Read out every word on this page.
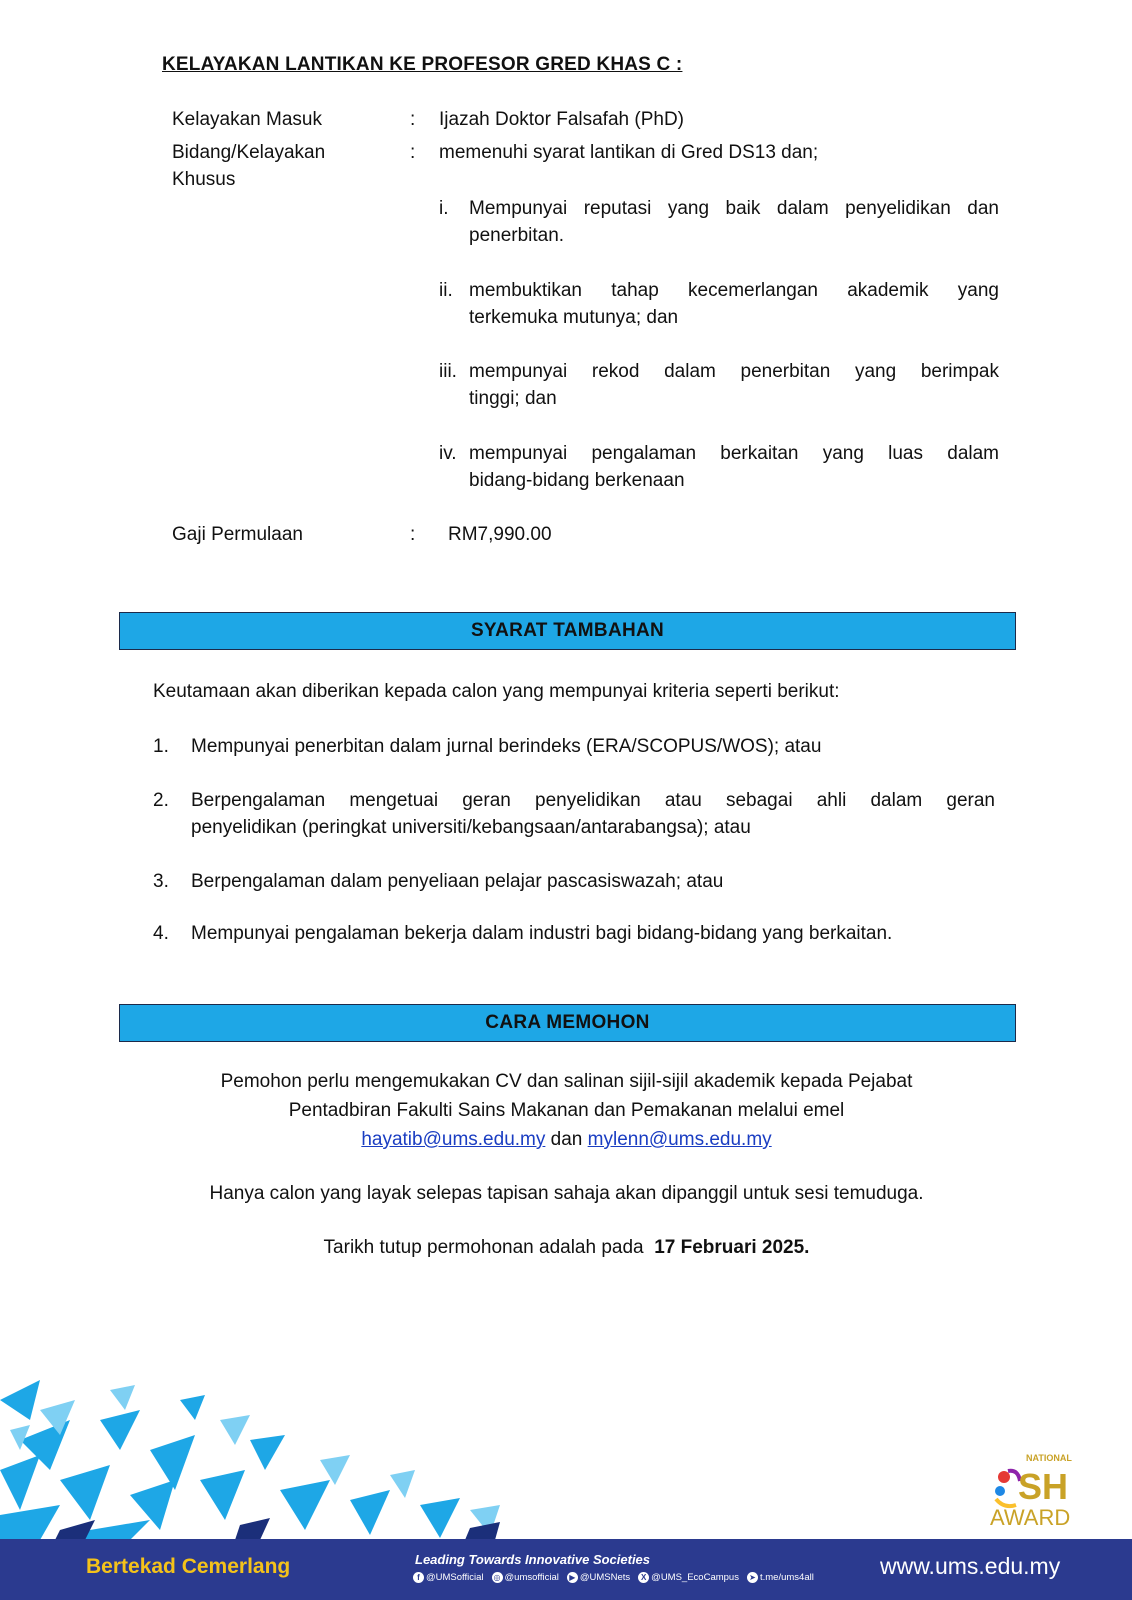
KELAYAKAN LANTIKAN KE PROFESOR GRED KHAS C :
Kelayakan Masuk	: Ijazah Doktor Falsafah (PhD)
Bidang/Kelayakan
Khusus
: memenuhi syarat lantikan di Gred DS13 dan;
i.	Mempunyai reputasi yang baik dalam penyelidikan dan
penerbitan.
ii. membuktikan tahap kecemerlangan akademik yang
terkemuka mutunya; dan
iii. mempunyai rekod dalam penerbitan yang berimpak
tinggi; dan
iv. mempunyai pengalaman berkaitan yang luas dalam
bidang-bidang berkenaan
Gaji Permulaan	: RM7,990.00
SYARAT TAMBAHAN
Keutamaan akan diberikan kepada calon yang mempunyai kriteria seperti berikut:
1.	Mempunyai penerbitan dalam jurnal berindeks (ERA/SCOPUS/WOS); atau
2.	Berpengalaman mengetuai geran penyelidikan atau sebagai ahli dalam geran
penyelidikan (peringkat universiti/kebangsaan/antarabangsa); atau
3.	Berpengalaman dalam penyeliaan pelajar pascasiswazah; atau
4.	Mempunyai pengalaman bekerja dalam industri bagi bidang-bidang yang berkaitan.
CARA MEMOHON
Pemohon perlu mengemukakan CV dan salinan sijil-sijil akademik kepada Pejabat
Pentadbiran Fakulti Sains Makanan dan Pemakanan melalui emel
hayatib@ums.edu.my dan mylenn@ums.edu.my
Hanya calon yang layak selepas tapisan sahaja akan dipanggil untuk sesi temuduga.
Tarikh tutup permohonan adalah pada 17 Februari 2025.
NATIONAL
SH
AWARD
Bertekad Cemerlang	Leading Towards Innovative Societies
f @UMSofficial ◎ @umsofficial	▶ @UMSNets	X @UMS_EcoCampus ➤ t.me/ums4all	www.ums.edu.my
